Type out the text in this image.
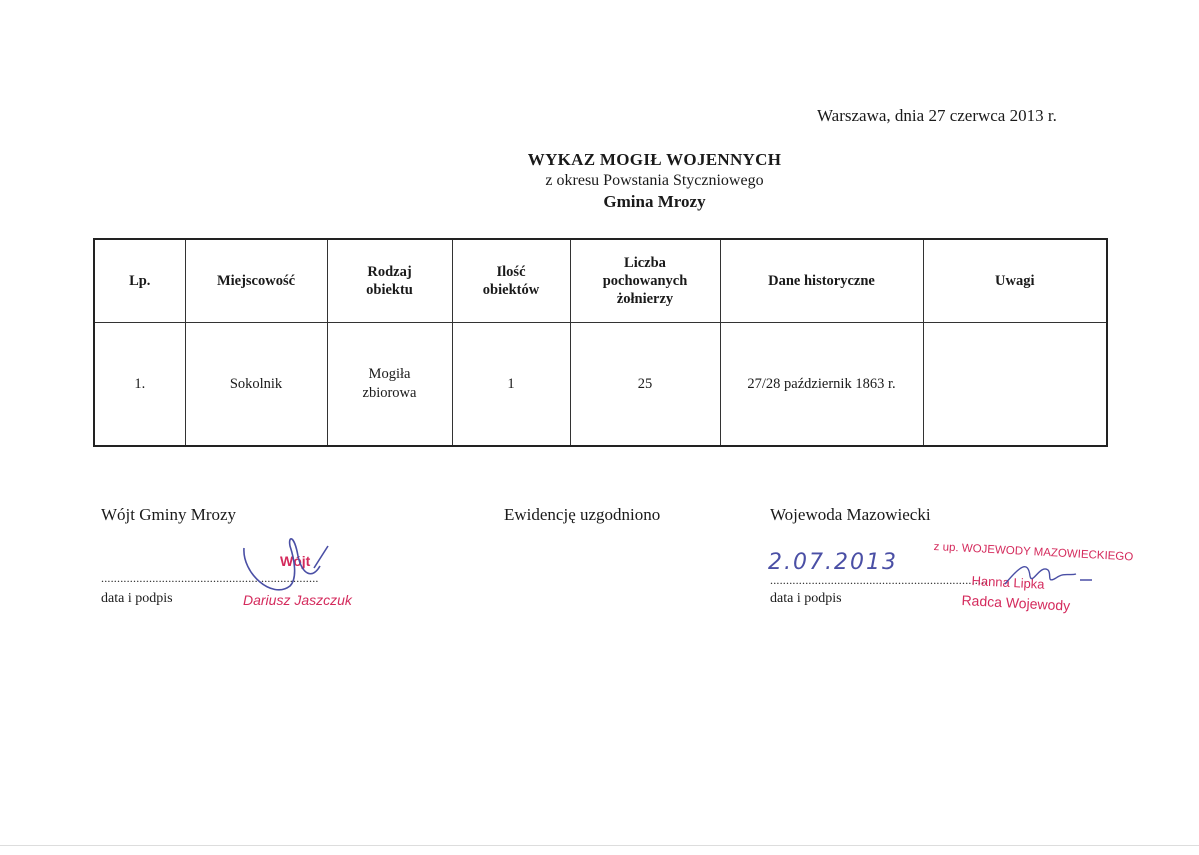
Warszawa, dnia 27 czerwca 2013 r.
WYKAZ MOGIŁ WOJENNYCH
z okresu Powstania Styczniowego
Gmina Mrozy
Lp.	Miejscowość	Rodzaj obiektu	Ilość obiektów	Liczba pochowanych żołnierzy	Dane historyczne	Uwagi
1.	Sokolnik	Mogiła zbiorowa	1	25	27/28 październik 1863 r.	
Wójt Gminy Mrozy
....................................................................
data i podpis
Wójt
Dariusz Jaszczuk
Ewidencję uzgodniono	Wojewoda Mazowiecki
2.07.2013
....................................................................
data i podpis
z up. WOJEWODY MAZOWIECKIEGO
Hanna Lipka
Radca Wojewody
